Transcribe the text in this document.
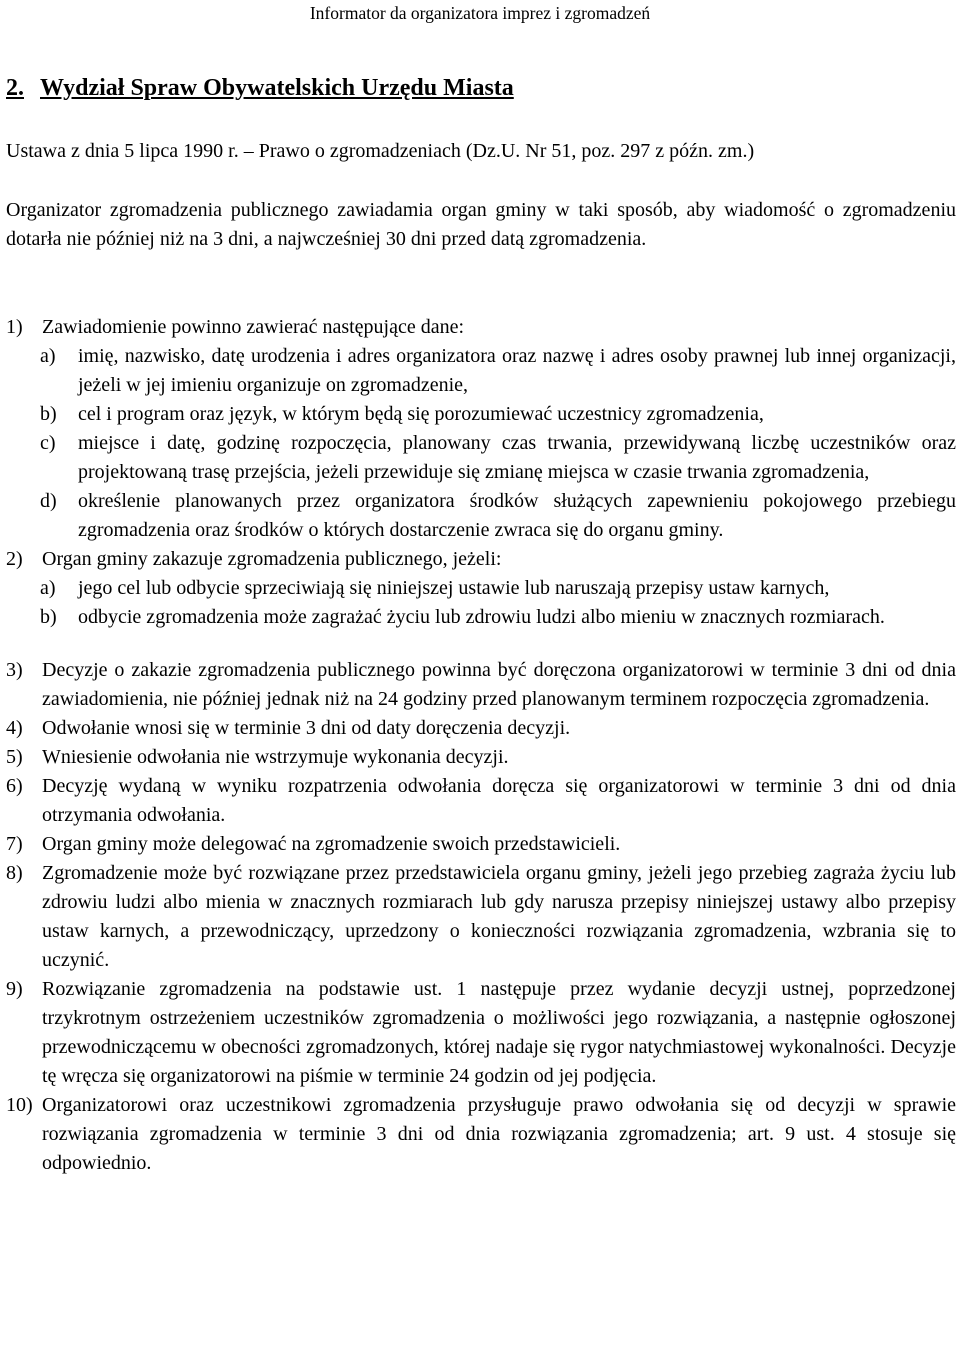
Informator da organizatora imprez i zgromadzeń
2. Wydział Spraw Obywatelskich Urzędu Miasta
Ustawa z dnia 5 lipca 1990 r. – Prawo o zgromadzeniach (Dz.U. Nr 51, poz. 297 z późn. zm.)
Organizator zgromadzenia publicznego zawiadamia organ gminy w taki sposób, aby wiadomość o zgromadzeniu dotarła nie później niż na 3 dni, a najwcześniej 30 dni przed datą zgromadzenia.
1) Zawiadomienie powinno zawierać następujące dane:
a) imię, nazwisko, datę urodzenia i adres organizatora oraz nazwę i adres osoby prawnej lub innej organizacji, jeżeli w jej imieniu organizuje on zgromadzenie,
b) cel i program oraz język, w którym będą się porozumiewać uczestnicy zgromadzenia,
c) miejsce i datę, godzinę rozpoczęcia, planowany czas trwania, przewidywaną liczbę uczestników oraz projektowaną trasę przejścia, jeżeli przewiduje się zmianę miejsca w czasie trwania zgromadzenia,
d) określenie planowanych przez organizatora środków służących zapewnieniu pokojowego przebiegu zgromadzenia oraz środków o których dostarczenie zwraca się do organu gminy.
2) Organ gminy zakazuje zgromadzenia publicznego, jeżeli:
a) jego cel lub odbycie sprzeciwiają się niniejszej ustawie lub naruszają przepisy ustaw karnych,
b) odbycie zgromadzenia może zagrażać życiu lub zdrowiu ludzi albo mieniu w znacznych rozmiarach.
3) Decyzje o zakazie zgromadzenia publicznego powinna być doręczona organizatorowi w terminie 3 dni od dnia zawiadomienia, nie później jednak niż na 24 godziny przed planowanym terminem rozpoczęcia zgromadzenia.
4) Odwołanie wnosi się w terminie 3 dni od daty doręczenia decyzji.
5) Wniesienie odwołania nie wstrzymuje wykonania decyzji.
6) Decyzję wydaną w wyniku rozpatrzenia odwołania doręcza się organizatorowi w terminie 3 dni od dnia otrzymania odwołania.
7) Organ gminy może delegować na zgromadzenie swoich przedstawicieli.
8) Zgromadzenie może być rozwiązane przez przedstawiciela organu gminy, jeżeli jego przebieg zagraża życiu lub zdrowiu ludzi albo mienia w znacznych rozmiarach lub gdy narusza przepisy niniejszej ustawy albo przepisy ustaw karnych, a przewodniczący, uprzedzony o konieczności rozwiązania zgromadzenia, wzbrania się to uczynić.
9) Rozwiązanie zgromadzenia na podstawie ust. 1 następuje przez wydanie decyzji ustnej, poprzedzonej trzykrotnym ostrzeżeniem uczestników zgromadzenia o możliwości jego rozwiązania, a następnie ogłoszonej przewodniczącemu w obecności zgromadzonych, której nadaje się rygor natychmiastowej wykonalności. Decyzje tę wręcza się organizatorowi na piśmie w terminie 24 godzin od jej podjęcia.
10) Organizatorowi oraz uczestnikowi zgromadzenia przysługuje prawo odwołania się od decyzji w sprawie rozwiązania zgromadzenia w terminie 3 dni od dnia rozwiązania zgromadzenia; art. 9 ust. 4 stosuje się odpowiednio.
